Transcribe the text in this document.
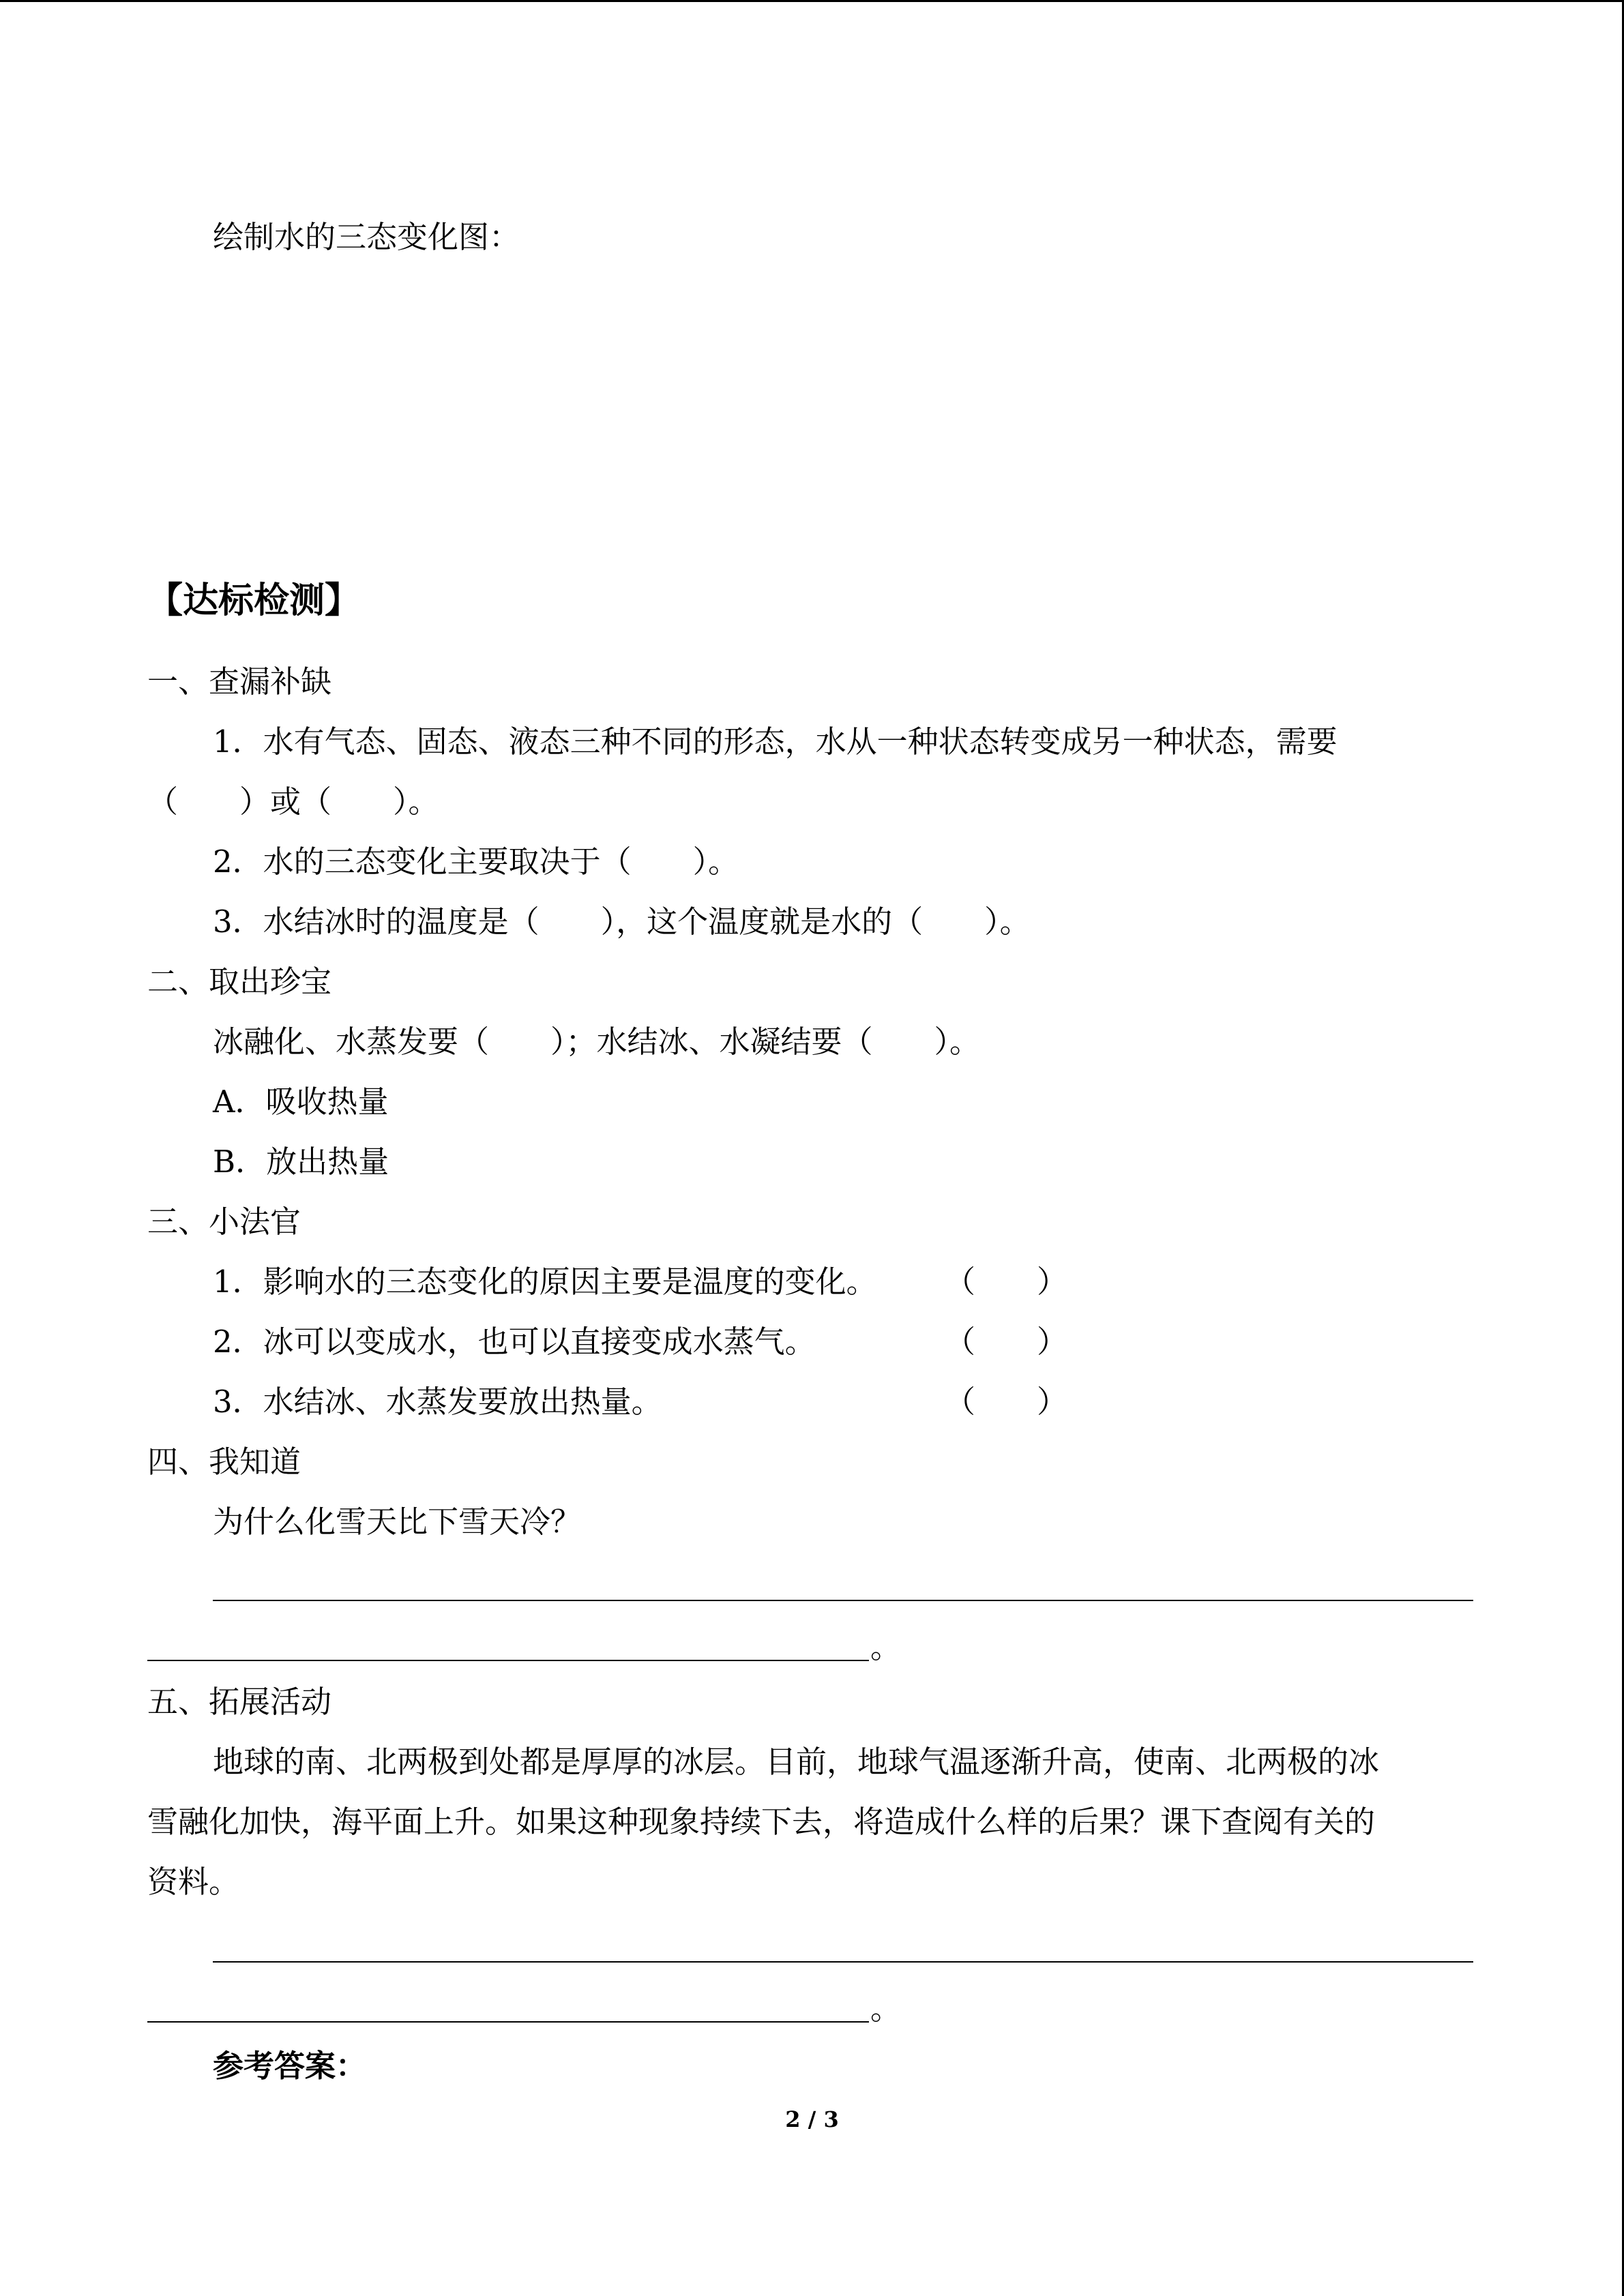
绘制水的三态变化图：
【达标检测】
一、查漏补缺
1．水有气态、固态、液态三种不同的形态，水从一种状态转变成另一种状态，需要
（　　）或（　　）。
2．水的三态变化主要取决于（　　）。
3．水结冰时的温度是（　　），这个温度就是水的（　　）。
二、取出珍宝
冰融化、水蒸发要（　　）；水结冰、水凝结要（　　）。
A．吸收热量
B．放出热量
三、小法官
1．影响水的三态变化的原因主要是温度的变化。 （　　）
2．冰可以变成水，也可以直接变成水蒸气。	（　　）
3．水结冰、水蒸发要放出热量。	（　　）
四、我知道
为什么化雪天比下雪天冷？
。
五、拓展活动
地球的南、北两极到处都是厚厚的冰层。目前，地球气温逐渐升高，使南、北两极的冰
雪融化加快，海平面上升。如果这种现象持续下去，将造成什么样的后果？课下查阅有关的
资料。
。
参考答案：
2 / 3
